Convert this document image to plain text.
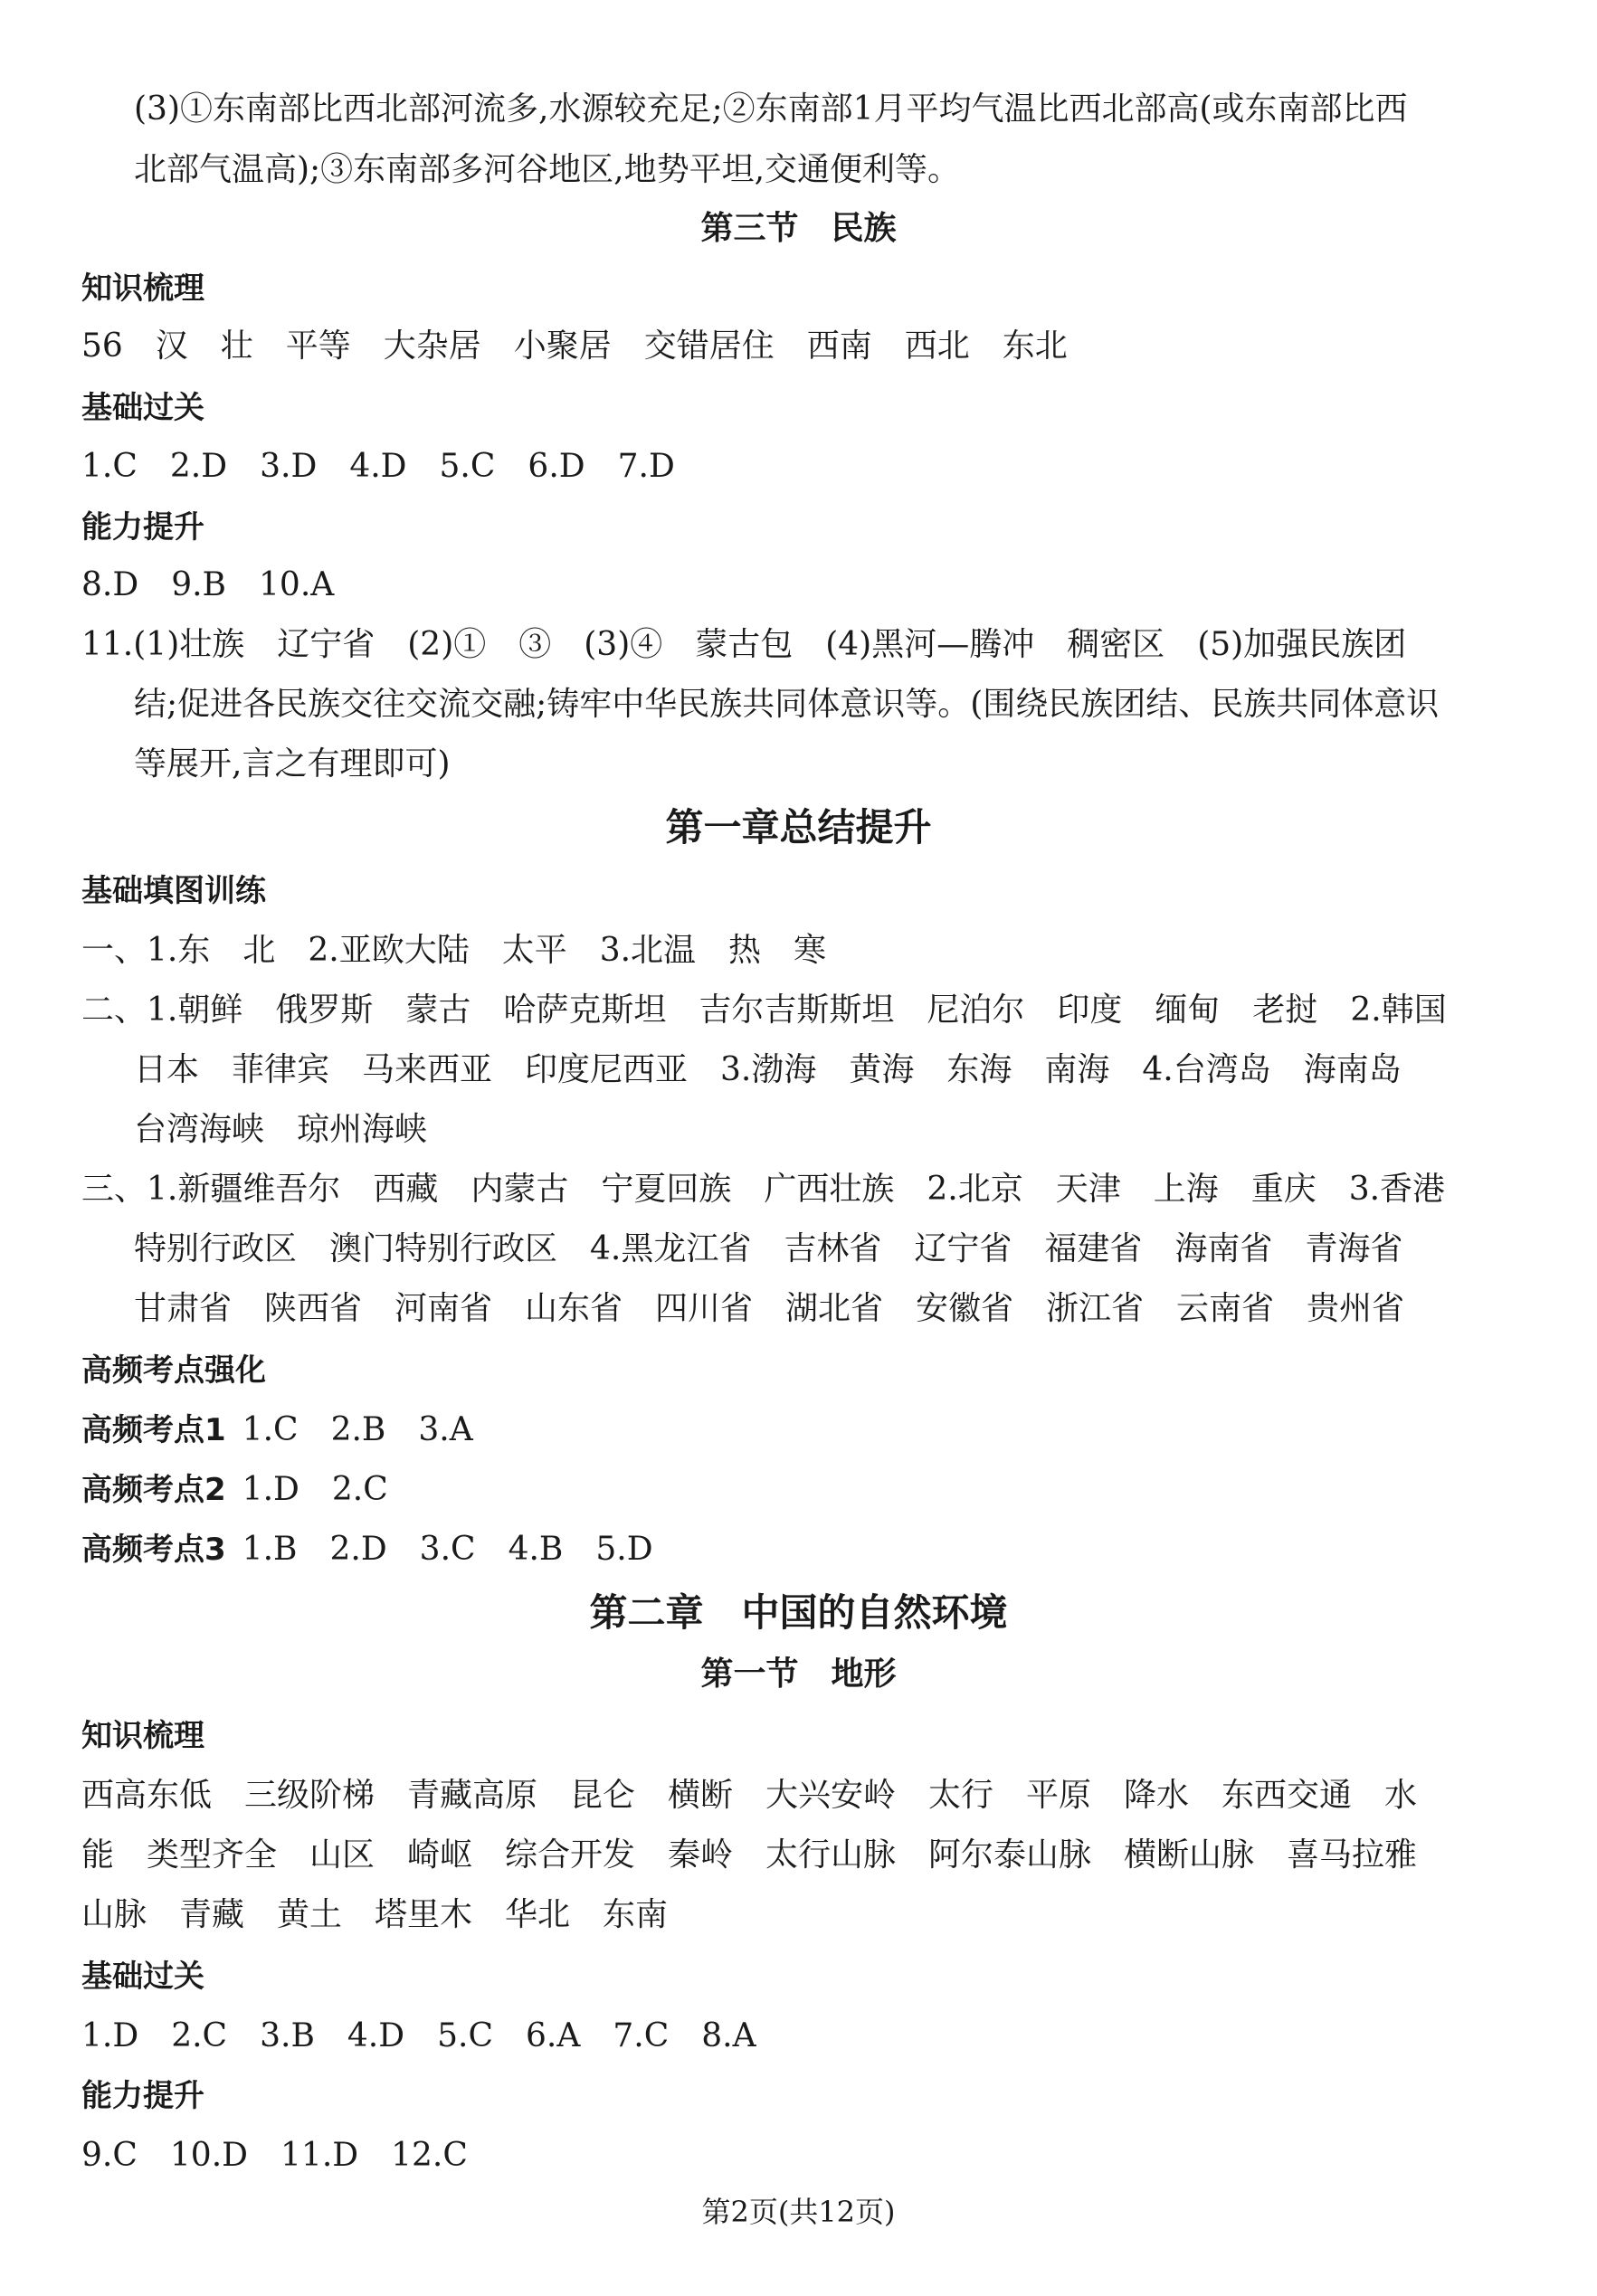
(3)①东南部比西北部河流多,水源较充足;②东南部1月平均气温比西北部高(或东南部比西
北部气温高);③东南部多河谷地区,地势平坦,交通便利等。
第三节　民族
知识梳理
56　汉　壮　平等　大杂居　小聚居　交错居住　西南　西北　东北
基础过关
1.C　2.D　3.D　4.D　5.C　6.D　7.D
能力提升
8.D　9.B　10.A
11.(1)壮族　辽宁省　(2)①　③　(3)④　蒙古包　(4)黑河—腾冲　稠密区　(5)加强民族团
结;促进各民族交往交流交融;铸牢中华民族共同体意识等。(围绕民族团结、民族共同体意识
等展开,言之有理即可)
第一章总结提升
基础填图训练
一、1.东　北　2.亚欧大陆　太平　3.北温　热　寒
二、1.朝鲜　俄罗斯　蒙古　哈萨克斯坦　吉尔吉斯斯坦　尼泊尔　印度　缅甸　老挝　2.韩国
日本　菲律宾　马来西亚　印度尼西亚　3.渤海　黄海　东海　南海　4.台湾岛　海南岛
台湾海峡　琼州海峡
三、1.新疆维吾尔　西藏　内蒙古　宁夏回族　广西壮族　2.北京　天津　上海　重庆　3.香港
特别行政区　澳门特别行政区　4.黑龙江省　吉林省　辽宁省　福建省　海南省　青海省
甘肃省　陕西省　河南省　山东省　四川省　湖北省　安徽省　浙江省　云南省　贵州省
高频考点强化
高频考点1 1.C　2.B　3.A
高频考点2 1.D　2.C
高频考点3 1.B　2.D　3.C　4.B　5.D
第二章　中国的自然环境
第一节　地形
知识梳理
西高东低　三级阶梯　青藏高原　昆仑　横断　大兴安岭　太行　平原　降水　东西交通　水
能　类型齐全　山区　崎岖　综合开发　秦岭　太行山脉　阿尔泰山脉　横断山脉　喜马拉雅
山脉　青藏　黄土　塔里木　华北　东南
基础过关
1.D　2.C　3.B　4.D　5.C　6.A　7.C　8.A
能力提升
9.C　10.D　11.D　12.C
第2页(共12页)
